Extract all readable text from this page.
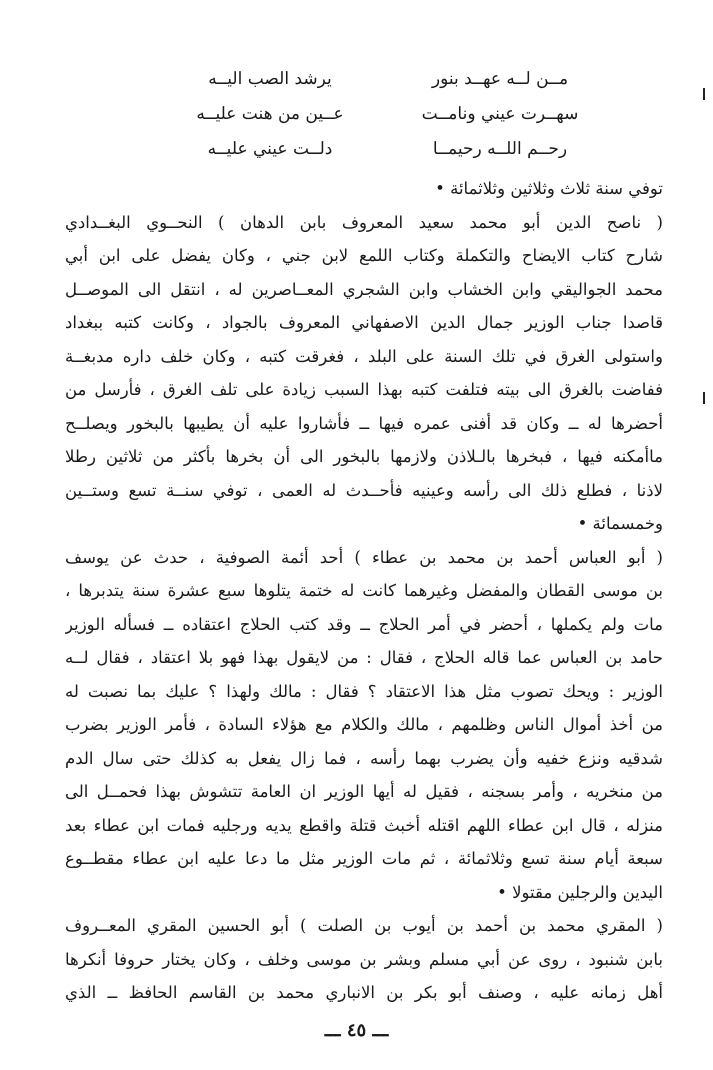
مــن لــه عهــد بنور
يرشد الصب اليــه
سهــرت عيني ونامــت
عــين من هنت عليــه
رحــم اللــه رحيمــا
دلــت عيني عليــه
توفي سنة ثلاث وثلاثين وثلاثمائة •
( ناصح الدين أبو محمد سعيد المعروف بابن الدهان ) النحــوي البغــدادي
شارح كتاب الايضاح والتكملة وكتاب اللمع لابن جني ، وكان يفضل على ابن أبي
محمد الجواليقي وابن الخشاب وابن الشجري المعــاصرين له ، انتقل الى الموصــل
قاصدا جناب الوزير جمال الدين الاصفهاني المعروف بالجواد ، وكانت كتبه ببغداد
واستولى الغرق في تلك السنة على البلد ، فغرقت كتبه ، وكان خلف داره مدبغــة
ففاضت بالغرق الى بيته فتلفت كتبه بهذا السبب زيادة على تلف الغرق ، فأرسل من
أحضرها له ــ وكان قد أفنى عمره فيها ــ فأشاروا عليه أن يطيبها بالبخور ويصلــح
ماأمكنه فيها ، فبخرها بالـلاذن ولازمها بالبخور الى أن بخرها بأكثر من ثلاثين رطلا
لاذنا ، فطلع ذلك الى رأسه وعينيه فأحــدث له العمى ، توفي سنــة تسع وستــين
وخمسمائة •
( أبو العباس أحمد بن محمد بن عطاء ) أحد أئمة الصوفية ، حدث عن يوسف
بن موسى القطان والمفضل وغيرهما كانت له ختمة يتلوها سبع عشرة سنة يتدبرها ،
مات ولم يكملها ، أحضر في أمر الحلاج ــ وقد كتب الحلاج اعتقاده ــ فسأله الوزير
حامد بن العباس عما قاله الحلاج ، فقال : من لايقول بهذا فهو بلا اعتقاد ، فقال لــه
الوزير : ويحك تصوب مثل هذا الاعتقاد ؟ فقال : مالك ولهذا ؟ عليك بما نصبت له
من أخذ أموال الناس وظلمهم ، مالك والكلام مع هؤلاء السادة ، فأمر الوزير بضرب
شدقيه ونزع خفيه وأن يضرب بهما رأسه ، فما زال يفعل به كذلك حتى سال الدم
من منخريه ، وأمر بسجنه ، فقيل له أيها الوزير ان العامة تتشوش بهذا فحمــل الى
منزله ، قال ابن عطاء اللهم اقتله أخبث قتلة واقطع يديه ورجليه فمات ابن عطاء بعد
سبعة أيام سنة تسع وثلاثمائة ، ثم مات الوزير مثل ما دعا عليه ابن عطاء مقطــوع
اليدين والرجلين مقتولا •
( المقري محمد بن أحمد بن أيوب بن الصلت ) أبو الحسين المقري المعــروف
بابن شنبود ، روى عن أبي مسلم وبشر بن موسى وخلف ، وكان يختار حروفا أنكرها
أهل زمانه عليه ، وصنف أبو بكر بن الانباري محمد بن القاسم الحافظ ــ الذي
ـــ ٤٥ ـــ
